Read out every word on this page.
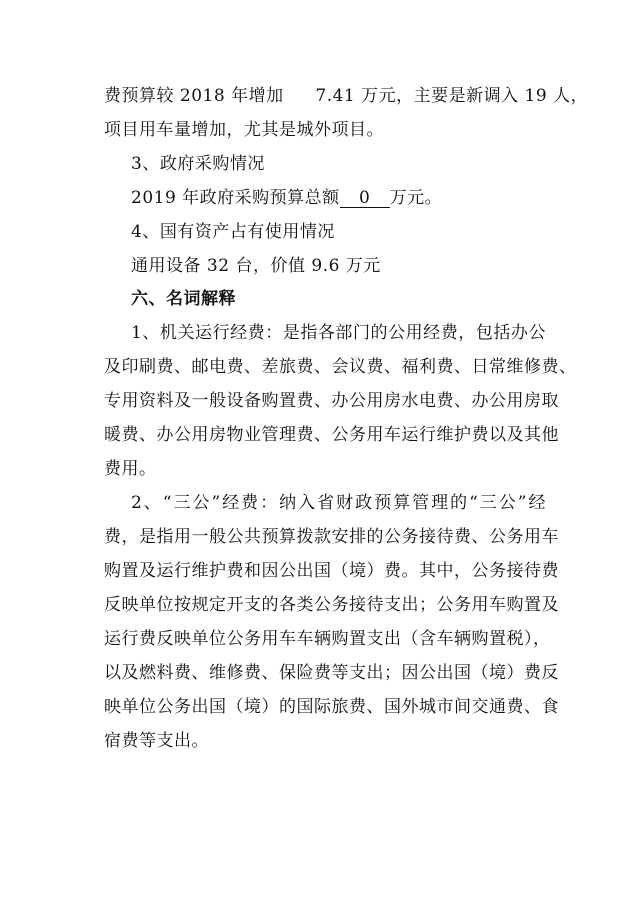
费预算较 2018 年增加 7.41 万元，主要是新调入 19 人，
项目用车量增加，尤其是城外项目。
3、政府采购情况
2019 年政府采购预算总额 0 万元。
4、国有资产占有使用情况
通用设备 32 台，价值 9.6 万元
六、名词解释
1、机关运行经费：是指各部门的公用经费，包括办公
及印刷费、邮电费、差旅费、会议费、福利费、日常维修费、
专用资料及一般设备购置费、办公用房水电费、办公用房取
暖费、办公用房物业管理费、公务用车运行维护费以及其他
费用。
2、“三公”经费：纳入省财政预算管理的“三公”经
费，是指用一般公共预算拨款安排的公务接待费、公务用车
购置及运行维护费和因公出国（境）费。其中，公务接待费
反映单位按规定开支的各类公务接待支出；公务用车购置及
运行费反映单位公务用车车辆购置支出（含车辆购置税），
以及燃料费、维修费、保险费等支出；因公出国（境）费反
映单位公务出国（境）的国际旅费、国外城市间交通费、食
宿费等支出。
